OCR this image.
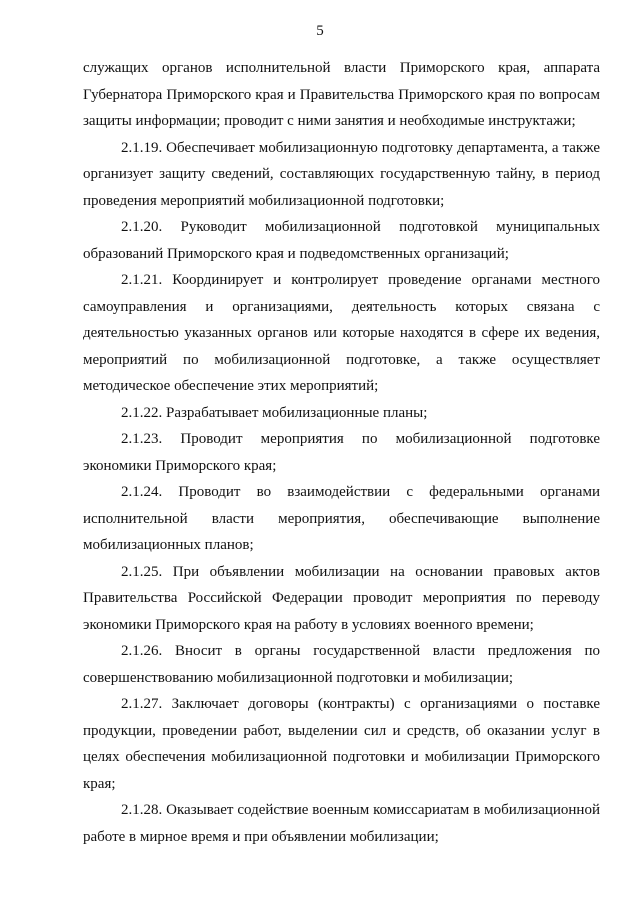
5

служащих органов исполнительной власти Приморского края, аппарата Губернатора Приморского края и Правительства Приморского края по вопросам защиты информации; проводит с ними занятия и необходимые инструктажи;

2.1.19. Обеспечивает мобилизационную подготовку департамента, а также организует защиту сведений, составляющих государственную тайну, в период проведения мероприятий мобилизационной подготовки;

2.1.20. Руководит мобилизационной подготовкой муниципальных образований Приморского края и подведомственных организаций;

2.1.21. Координирует и контролирует проведение органами местного самоуправления и организациями, деятельность которых связана с деятельностью указанных органов или которые находятся в сфере их ведения, мероприятий по мобилизационной подготовке, а также осуществляет методическое обеспечение этих мероприятий;

2.1.22. Разрабатывает мобилизационные планы;

2.1.23. Проводит мероприятия по мобилизационной подготовке экономики Приморского края;

2.1.24. Проводит во взаимодействии с федеральными органами исполнительной власти мероприятия, обеспечивающие выполнение мобилизационных планов;

2.1.25. При объявлении мобилизации на основании правовых актов Правительства Российской Федерации проводит мероприятия по переводу экономики Приморского края на работу в условиях военного времени;

2.1.26. Вносит в органы государственной власти предложения по совершенствованию мобилизационной подготовки и мобилизации;

2.1.27. Заключает договоры (контракты) с организациями о поставке продукции, проведении работ, выделении сил и средств, об оказании услуг в целях обеспечения мобилизационной подготовки и мобилизации Приморского края;

2.1.28. Оказывает содействие военным комиссариатам в мобилизационной работе в мирное время и при объявлении мобилизации;
